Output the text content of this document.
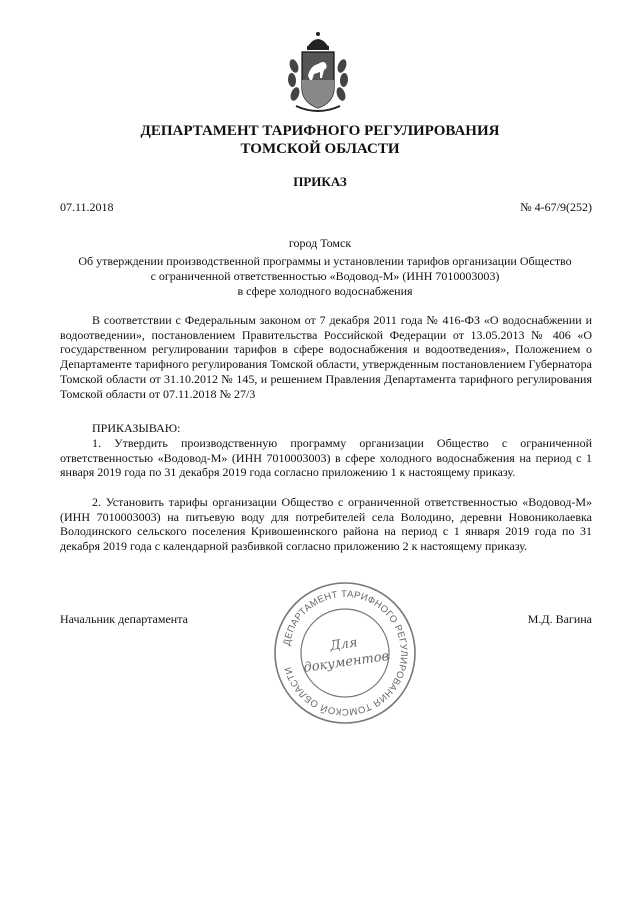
ДЕПАРТАМЕНТ ТАРИФНОГО РЕГУЛИРОВАНИЯ
ТОМСКОЙ ОБЛАСТИ
ПРИКАЗ
07.11.2018	№ 4-67/9(252)
город Томск
Об утверждении производственной программы и установлении тарифов организации Общество
с ограниченной ответственностью «Водовод-М» (ИНН 7010003003)
в сфере холодного водоснабжения

В соответствии с Федеральным законом от 7 декабря 2011 года № 416-ФЗ «О водоснабжении и водоотведении», постановлением Правительства Российской Федерации от 13.05.2013 № 406 «О государственном регулировании тарифов в сфере водоснабжения и водоотведения», Положением о Департаменте тарифного регулирования Томской области, утвержденным постановлением Губернатора Томской области от 31.10.2012 № 145, и решением Правления Департамента тарифного регулирования Томской области от 07.11.2018 № 27/3

ПРИКАЗЫВАЮ:

1. Утвердить производственную программу организации Общество с ограниченной ответственностью «Водовод-М» (ИНН 7010003003) в сфере холодного водоснабжения на период с 1 января 2019 года по 31 декабря 2019 года согласно приложению 1 к настоящему приказу.

2. Установить тарифы организации Общество с ограниченной ответственностью «Водовод-М» (ИНН 7010003003) на питьевую воду для потребителей села Володино, деревни Новониколаевка Володинского сельского поселения Кривошеинского района на период с 1 января 2019 года по 31 декабря 2019 года с календарной разбивкой согласно приложению 2 к настоящему приказу.

Начальник департамента	М.Д. Вагина
ДЕПАРТАМЕНТ ТАРИФНОГО РЕГУЛИРОВАНИЯ ТОМСКОЙ ОБЛАСТИ
Для
документов
